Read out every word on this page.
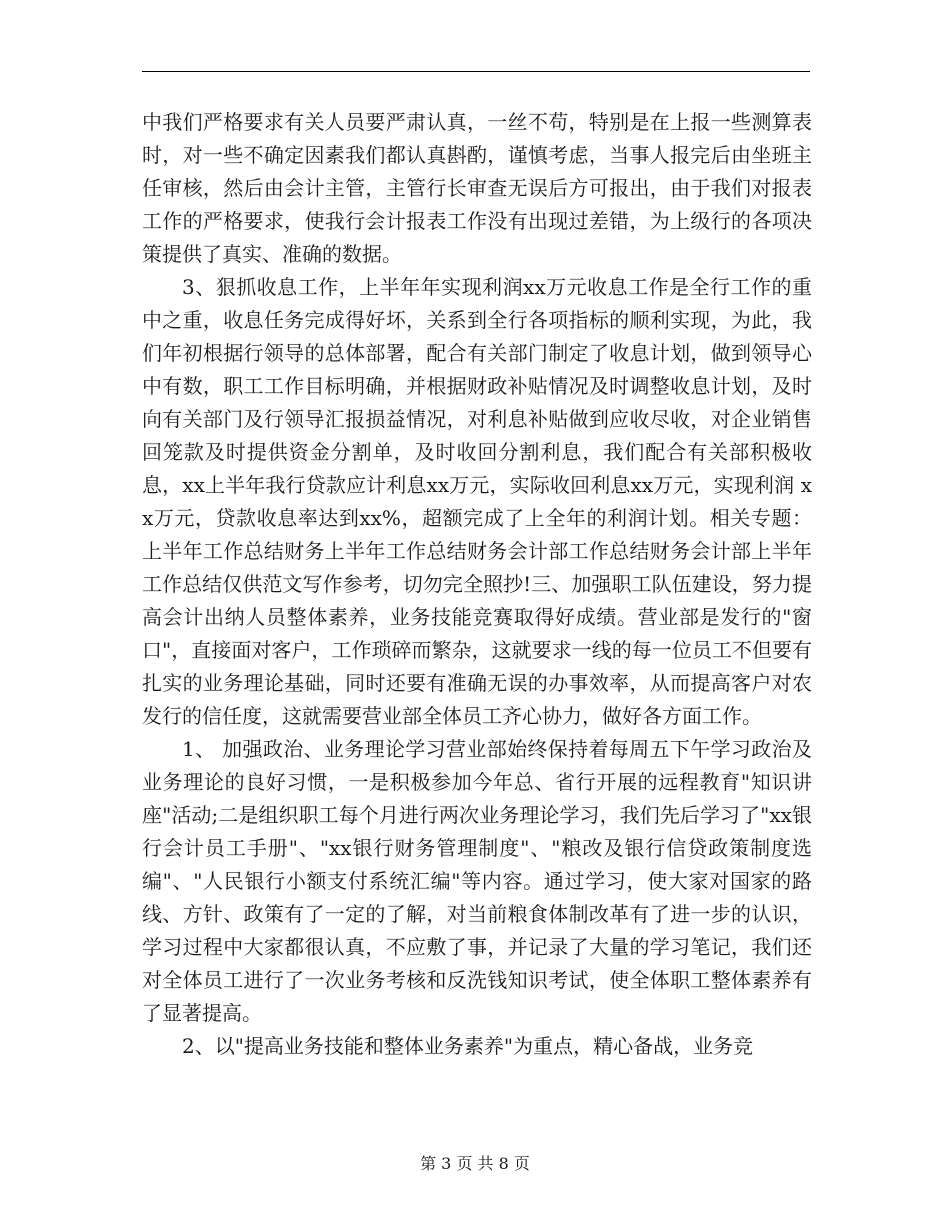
中我们严格要求有关人员要严肃认真，一丝不苟，特别是在上报一些测算表时，对一些不确定因素我们都认真斟酌，谨慎考虑，当事人报完后由坐班主任审核，然后由会计主管，主管行长审查无误后方可报出，由于我们对报表工作的严格要求，使我行会计报表工作没有出现过差错，为上级行的各项决策提供了真实、准确的数据。

3、狠抓收息工作，上半年年实现利润xx万元收息工作是全行工作的重中之重，收息任务完成得好坏，关系到全行各项指标的顺利实现，为此，我们年初根据行领导的总体部署，配合有关部门制定了收息计划，做到领导心中有数，职工工作目标明确，并根据财政补贴情况及时调整收息计划，及时向有关部门及行领导汇报损益情况，对利息补贴做到应收尽收，对企业销售回笼款及时提供资金分割单，及时收回分割利息，我们配合有关部积极收息，xx上半年我行贷款应计利息xx万元，实际收回利息xx万元，实现利润 xx万元，贷款收息率达到xx%，超额完成了上全年的利润计划。相关专题：上半年工作总结财务上半年工作总结财务会计部工作总结财务会计部上半年工作总结仅供范文写作参考，切勿完全照抄!三、加强职工队伍建设，努力提高会计出纳人员整体素养，业务技能竞赛取得好成绩。营业部是发行的"窗口"，直接面对客户，工作琐碎而繁杂，这就要求一线的每一位员工不但要有扎实的业务理论基础，同时还要有准确无误的办事效率，从而提高客户对农发行的信任度，这就需要营业部全体员工齐心协力，做好各方面工作。

1、 加强政治、业务理论学习营业部始终保持着每周五下午学习政治及业务理论的良好习惯，一是积极参加今年总、省行开展的远程教育"知识讲座"活动;二是组织职工每个月进行两次业务理论学习，我们先后学习了"xx银行会计员工手册"、"xx银行财务管理制度"、"粮改及银行信贷政策制度选编"、"人民银行小额支付系统汇编"等内容。通过学习，使大家对国家的路线、方针、政策有了一定的了解，对当前粮食体制改革有了进一步的认识，学习过程中大家都很认真，不应敷了事，并记录了大量的学习笔记，我们还对全体员工进行了一次业务考核和反洗钱知识考试，使全体职工整体素养有了显著提高。

2、以"提高业务技能和整体业务素养"为重点，精心备战，业务竞

第 3 页 共 8 页
